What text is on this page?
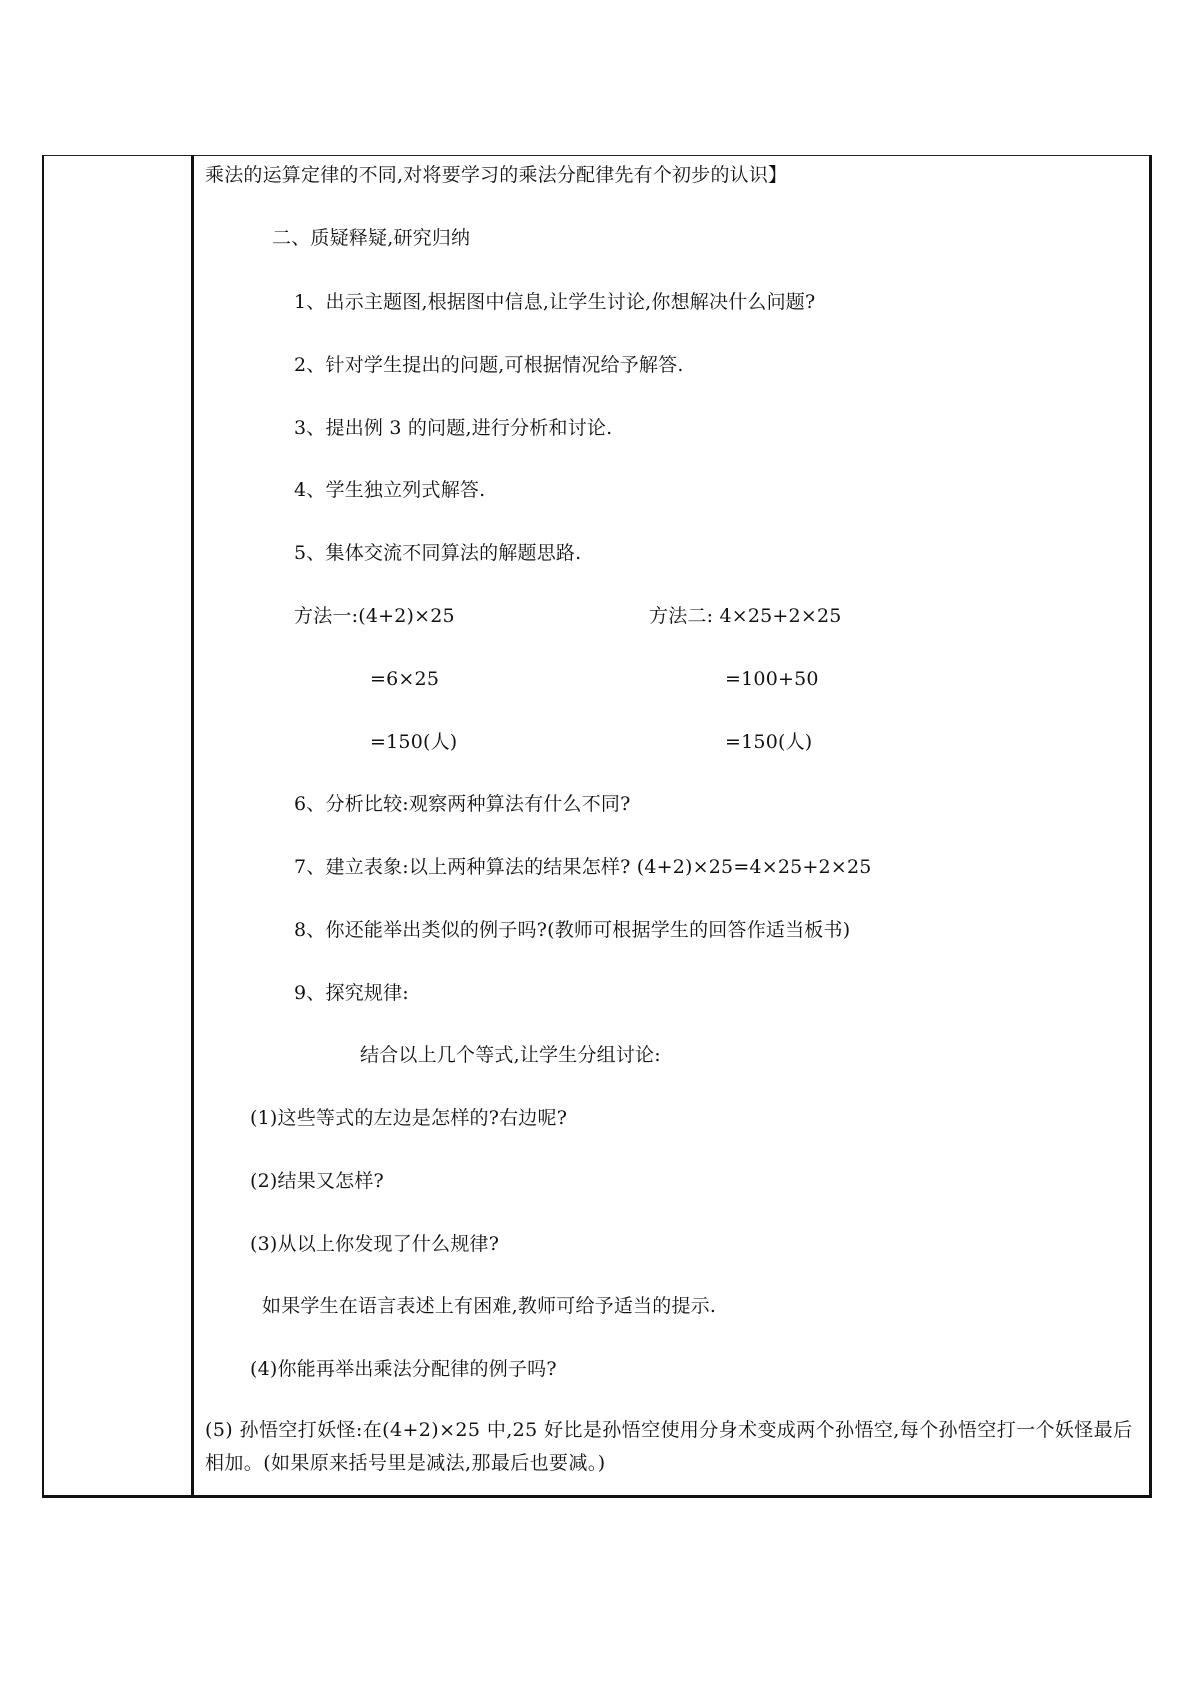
乘法的运算定律的不同,对将要学习的乘法分配律先有个初步的认识】
二、质疑释疑,研究归纳
1、出示主题图,根据图中信息,让学生讨论,你想解决什么问题?
2、针对学生提出的问题,可根据情况给予解答.
3、提出例 3 的问题,进行分析和讨论.
4、学生独立列式解答.
5、集体交流不同算法的解题思路.
方法一:(4+2)×25	方法二: 4×25+2×25
=6×25	=100+50
=150(人)	=150(人)
6、分析比较:观察两种算法有什么不同?
7、建立表象:以上两种算法的结果怎样? (4+2)×25=4×25+2×25
8、你还能举出类似的例子吗?(教师可根据学生的回答作适当板书)
9、探究规律:
结合以上几个等式,让学生分组讨论:
(1)这些等式的左边是怎样的?右边呢?
(2)结果又怎样?
(3)从以上你发现了什么规律?
如果学生在语言表述上有困难,教师可给予适当的提示.
(4)你能再举出乘法分配律的例子吗?
(5) 孙悟空打妖怪:在(4+2)×25 中,25 好比是孙悟空使用分身术变成两个孙悟空,每个孙悟空打一个妖怪最后相加。(如果原来括号里是减法,那最后也要减。)
